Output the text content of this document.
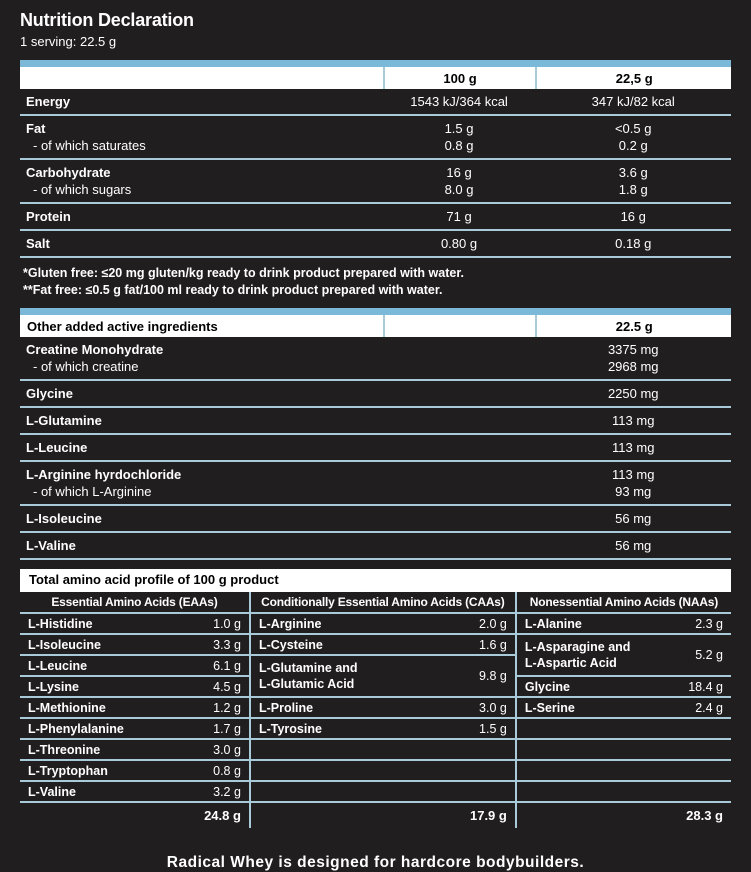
Nutrition Declaration
1 serving: 22.5 g
100 g	22,5 g
Energy	1543 kJ/364 kcal	347 kJ/82 kcal
Fat	1.5 g	<0.5 g
- of which saturates	0.8 g	0.2 g
Carbohydrate	16 g	3.6 g
- of which sugars	8.0 g	1.8 g
Protein	71 g	16 g
Salt	0.80 g	0.18 g
*Gluten free: ≤20 mg gluten/kg ready to drink product prepared with water.
**Fat free: ≤0.5 g fat/100 ml ready to drink product prepared with water.
Other added active ingredients	22.5 g
Creatine Monohydrate	3375 mg
- of which creatine	2968 mg
Glycine	2250 mg
L-Glutamine	113 mg
L-Leucine	113 mg
L-Arginine hyrdochloride	113 mg
- of which L-Arginine	93 mg
L-Isoleucine	56 mg
L-Valine	56 mg
Total amino acid profile of 100 g product
Essential Amino Acids (EAAs)
L-Histidine	1.0 g
L-Isoleucine	3.3 g
L-Leucine	6.1 g
L-Lysine	4.5 g
L-Methionine	1.2 g
L-Phenylalanine	1.7 g
L-Threonine	3.0 g
L-Tryptophan	0.8 g
L-Valine	3.2 g
24.8 g
Conditionally Essential Amino Acids (CAAs)
L-Arginine	2.0 g
L-Cysteine	1.6 g
L-Glutamine and
L-Glutamic Acid
9.8 g
L-Proline	3.0 g
L-Tyrosine	1.5 g
17.9 g
Nonessential Amino Acids (NAAs)
L-Alanine	2.3 g
L-Asparagine and
L-Aspartic Acid
5.2 g
Glycine	18.4 g
L-Serine	2.4 g
28.3 g
Radical Whey is designed for hardcore bodybuilders.
